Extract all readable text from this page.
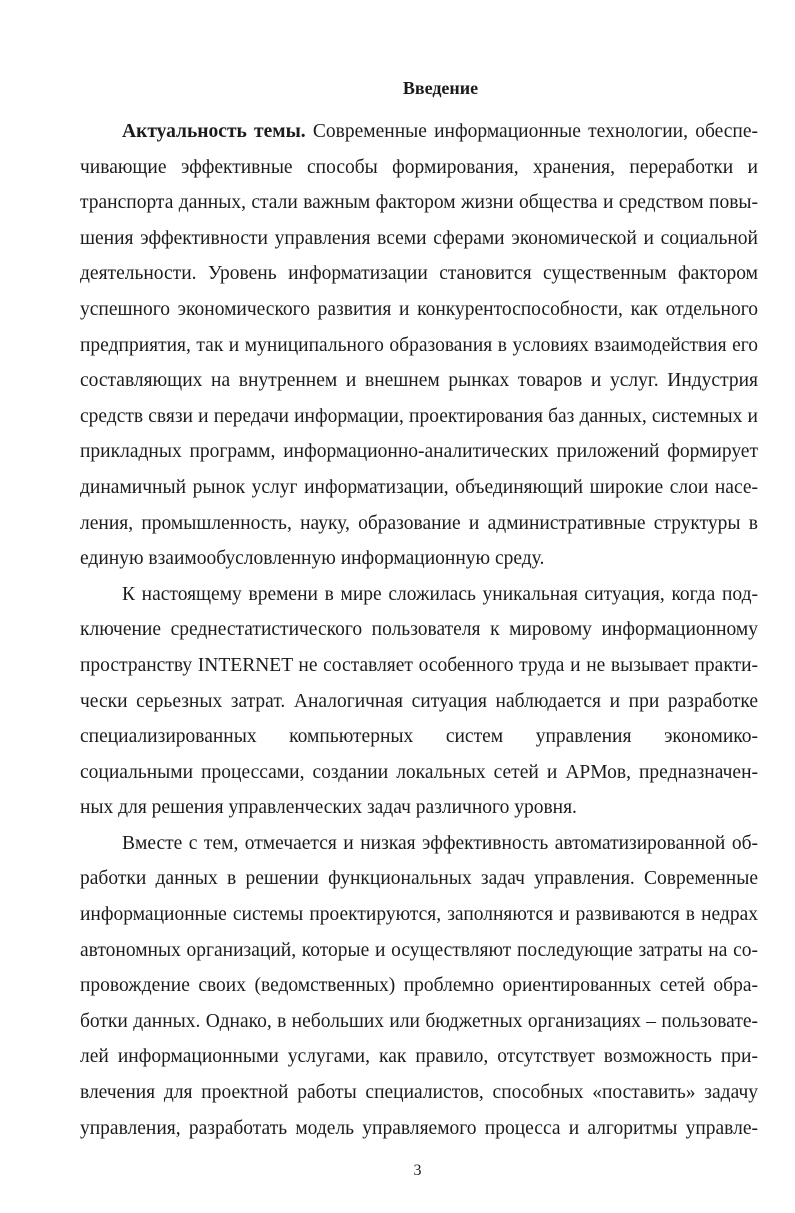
Введение
Актуальность темы. Современные информационные технологии, обеспе-
чивающие эффективные способы формирования, хранения, переработки и
транспорта данных, стали важным фактором жизни общества и средством повы-
шения эффективности управления всеми сферами экономической и социальной
деятельности. Уровень информатизации становится существенным фактором
успешного экономического развития и конкурентоспособности, как отдельного
предприятия, так и муниципального образования в условиях взаимодействия его
составляющих на внутреннем и внешнем рынках товаров и услуг. Индустрия
средств связи и передачи информации, проектирования баз данных, системных и
прикладных программ, информационно-аналитических приложений формирует
динамичный рынок услуг информатизации, объединяющий широкие слои насе-
ления, промышленность, науку, образование и административные структуры в
единую взаимообусловленную информационную среду.
К настоящему времени в мире сложилась уникальная ситуация, когда под-
ключение среднестатистического пользователя к мировому информационному
пространству INTERNET не составляет особенного труда и не вызывает практи-
чески серьезных затрат. Аналогичная ситуация наблюдается и при разработке
специализированных компьютерных систем управления экономико-
социальными процессами, создании локальных сетей и АРМов, предназначен-
ных для решения управленческих задач различного уровня.
Вместе с тем, отмечается и низкая эффективность автоматизированной об-
работки данных в решении функциональных задач управления. Современные
информационные системы проектируются, заполняются и развиваются в недрах
автономных организаций, которые и осуществляют последующие затраты на со-
провождение своих (ведомственных) проблемно ориентированных сетей обра-
ботки данных. Однако, в небольших или бюджетных организациях – пользовате-
лей информационными услугами, как правило, отсутствует возможность при-
влечения для проектной работы специалистов, способных «поставить» задачу
управления, разработать модель управляемого процесса и алгоритмы управле-
3
